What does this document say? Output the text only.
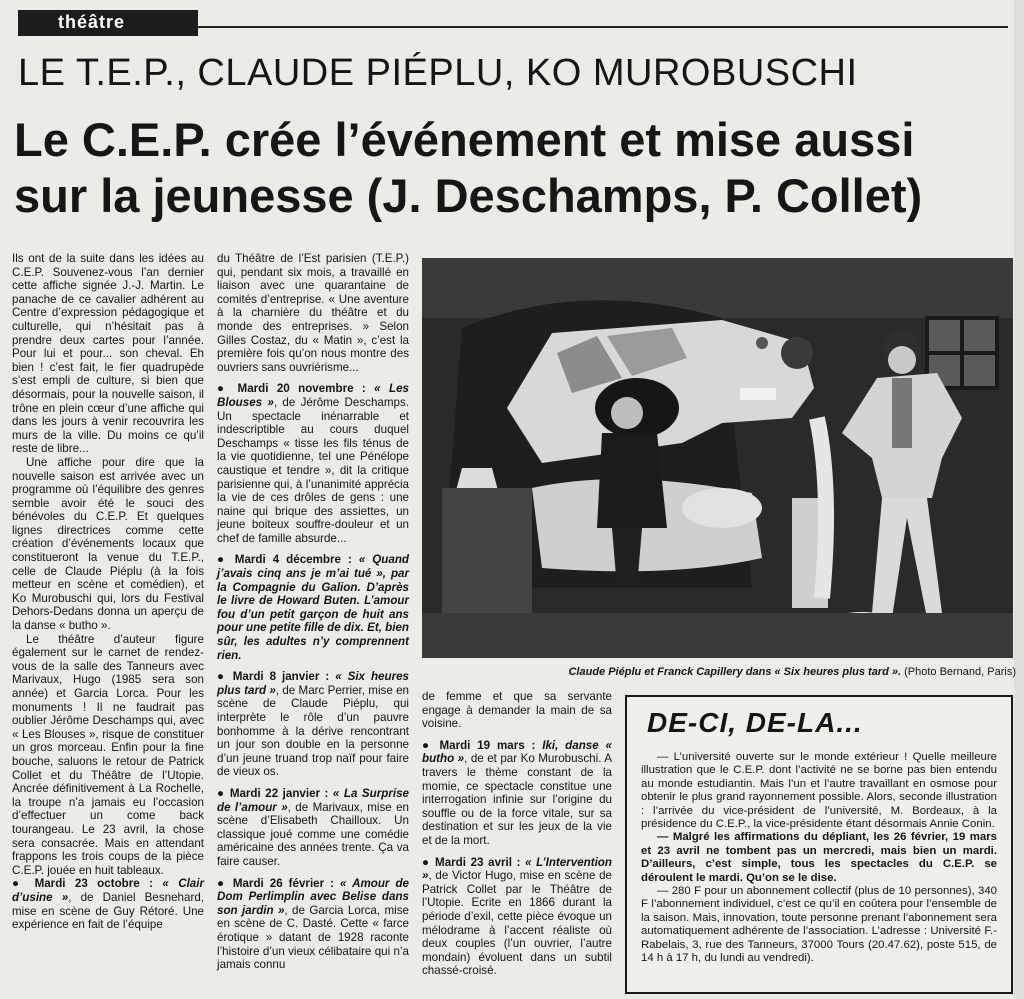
théâtre
LE T.E.P., CLAUDE PIÉPLU, KO MUROBUSCHI
Le C.E.P. crée l’événement et mise aussi
sur la jeunesse (J. Deschamps, P. Collet)

Ils ont de la suite dans les idées au C.E.P. Souvenez-vous l’an dernier cette affiche signée J.-J. Martin. Le panache de ce cavalier adhérent au Centre d’expression pédagogique et culturelle, qui n’hésitait pas à prendre deux cartes pour l’année. Pour lui et pour... son cheval. Eh bien ! c’est fait, le fier quadrupède s’est empli de culture, si bien que désormais, pour la nouvelle saison, il trône en plein cœur d’une affiche qui dans les jours à venir recouvrira les murs de la ville. Du moins ce qu’il reste de libre...

Une affiche pour dire que la nouvelle saison est arrivée avec un programme où l’équilibre des genres semble avoir été le souci des bénévoles du C.E.P. Et quelques lignes directrices comme cette création d’événements locaux que constitueront la venue du T.E.P., celle de Claude Piéplu (à la fois metteur en scène et comédien), et Ko Murobuschi qui, lors du Festival Dehors-Dedans donna un aperçu de la danse « butho ».

Le théâtre d’auteur figure également sur le carnet de rendez-vous de la salle des Tanneurs avec Marivaux, Hugo (1985 sera son année) et Garcia Lorca. Pour les monuments ! Il ne faudrait pas oublier Jérôme Deschamps qui, avec « Les Blouses », risque de constituer un gros morceau. Enfin pour la fine bouche, saluons le retour de Patrick Collet et du Théâtre de l’Utopie. Ancrée définitivement à La Rochelle, la troupe n’a jamais eu l’occasion d’effectuer un come back tourangeau. Le 23 avril, la chose sera consacrée. Mais en attendant frappons les trois coups de la pièce C.E.P. jouée en huit tableaux.

● Mardi 23 octobre : « Clair d’usine », de Daniel Besnehard, mise en scène de Guy Rétoré. Une expérience en fait de l’équipe

du Théâtre de l’Est parisien (T.E.P.) qui, pendant six mois, a travaillé en liaison avec une quarantaine de comités d’entreprise. « Une aventure à la charnière du théâtre et du monde des entreprises. » Selon Gilles Costaz, du « Matin », c’est la première fois qu’on nous montre des ouvriers sans ouvriérisme...

● Mardi 20 novembre : « Les Blouses », de Jérôme Deschamps. Un spectacle inénarrable et indescriptible au cours duquel Deschamps « tisse les fils ténus de la vie quotidienne, tel une Pénélope caustique et tendre », dit la critique parisienne qui, à l’unanimité apprécia la vie de ces drôles de gens : une naine qui brique des assiettes, un jeune boiteux souffre-douleur et un chef de famille absurde...
● Mardi 4 décembre : « Quand j’avais cinq ans je m’ai tué », par la Compagnie du Galion. D’après le livre de Howard Buten. L’amour fou d’un petit garçon de huit ans pour une petite fille de dix. Et, bien sûr, les adultes n’y comprennent rien.
● Mardi 8 janvier : « Six heures plus tard », de Marc Perrier, mise en scène de Claude Piéplu, qui interprète le rôle d’un pauvre bonhomme à la dérive rencontrant un jour son double en la personne d’un jeune truand trop naïf pour faire de vieux os.
● Mardi 22 janvier : « La Surprise de l’amour », de Marivaux, mise en scène d’Elisabeth Chailloux. Un classique joué comme une comédie américaine des années trente. Ça va faire causer.
● Mardi 26 février : « Amour de Dom Perlimplin avec Belise dans son jardin », de Garcia Lorca, mise en scène de C. Dasté. Cette « farce érotique » datant de 1928 raconte l’histoire d’un vieux célibataire qui n’a jamais connu
Claude Piéplu et Franck Capillery dans « Six heures plus tard ». (Photo Bernand, Paris)

de femme et que sa servante engage à demander la main de sa voisine.

● Mardi 19 mars : Iki, danse « butho », de et par Ko Murobuschi. A travers le thème constant de la momie, ce spectacle constitue une interrogation infinie sur l’origine du souffle ou de la force vitale, sur sa destination et sur les jeux de la vie et de la mort.
● Mardi 23 avril : « L’Intervention », de Victor Hugo, mise en scène de Patrick Collet par le Théâtre de l’Utopie. Ecrite en 1866 durant la période d’exil, cette pièce évoque un mélodrame à l’accent réaliste où deux couples (l’un ouvrier, l’autre mondain) évoluent dans un subtil chassé-croisé.
DE-CI, DE-LA...

— L’université ouverte sur le monde extérieur ! Quelle meilleure illustration que le C.E.P. dont l’activité ne se borne pas bien entendu au monde estudiantin. Mais l’un et l’autre travaillant en osmose pour obtenir le plus grand rayonnement possible. Alors, seconde illustration : l’arrivée du vice-président de l’université, M. Bordeaux, à la présidence du C.E.P., la vice-présidente étant désormais Annie Conin.

— Malgré les affirmations du dépliant, les 26 février, 19 mars et 23 avril ne tombent pas un mercredi, mais bien un mardi. D’ailleurs, c’est simple, tous les spectacles du C.E.P. se déroulent le mardi. Qu’on se le dise.

— 280 F pour un abonnement collectif (plus de 10 personnes), 340 F l’abonnement individuel, c’est ce qu’il en coûtera pour l’ensemble de la saison. Mais, innovation, toute personne prenant l’abonnement sera automatiquement adhérente de l’association. L’adresse : Université F.-Rabelais, 3, rue des Tanneurs, 37000 Tours (20.47.62), poste 515, de 14 h à 17 h, du lundi au vendredi).
